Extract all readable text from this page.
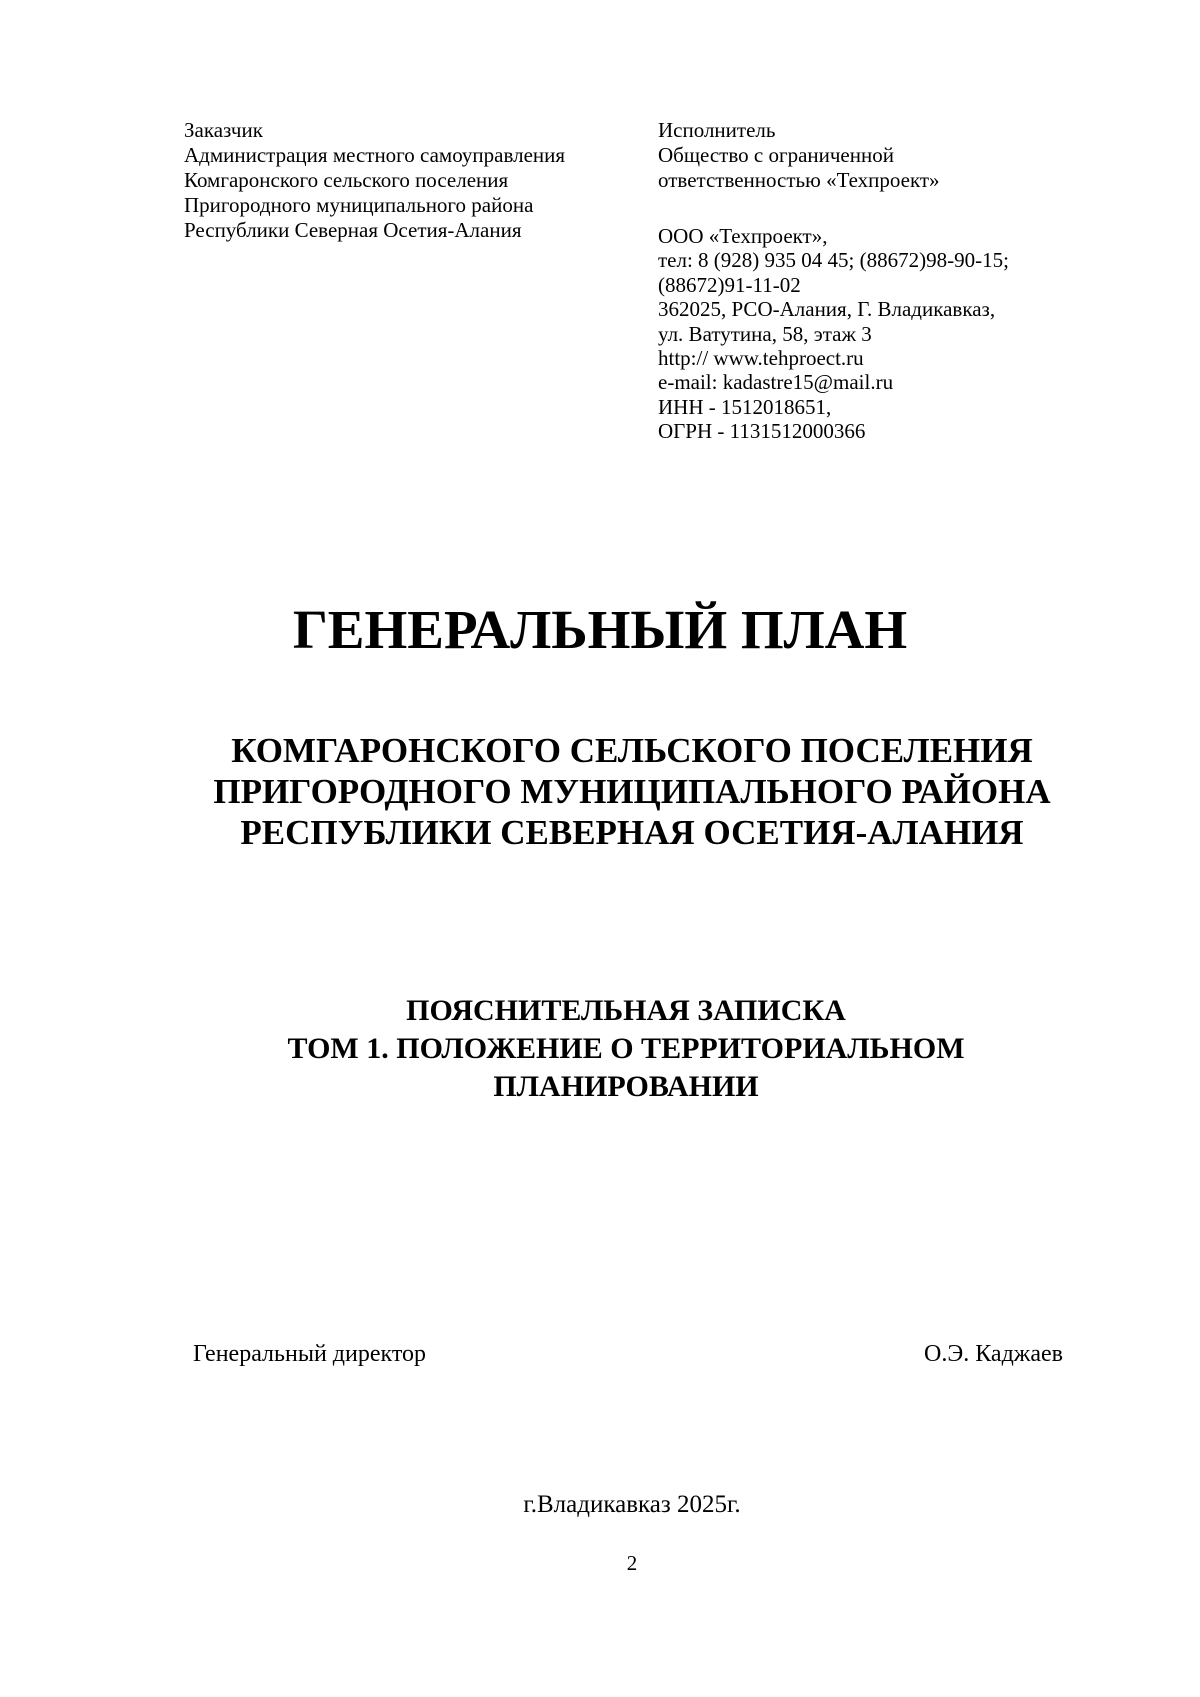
Заказчик
Администрация местного самоуправления
Комгаронского сельского поселения
Пригородного муниципального района
Республики Северная Осетия-Алания
Исполнитель
Общество с ограниченной
ответственностью «Техпроект»
ООО «Техпроект»,
тел: 8 (928) 935 04 45; (88672)98-90-15;
(88672)91-11-02
362025, РСО-Алания, Г. Владикавказ,
ул. Ватутина, 58, этаж 3
http:// www.tehproect.ru
e-mail: kadastre15@mail.ru
ИНН - 1512018651,
ОГРН - 1131512000366
ГЕНЕРАЛЬНЫЙ ПЛАН
КОМГАРОНСКОГО СЕЛЬСКОГО ПОСЕЛЕНИЯ
ПРИГОРОДНОГО МУНИЦИПАЛЬНОГО РАЙОНА
РЕСПУБЛИКИ СЕВЕРНАЯ ОСЕТИЯ-АЛАНИЯ
ПОЯСНИТЕЛЬНАЯ ЗАПИСКА
ТОМ 1. ПОЛОЖЕНИЕ О ТЕРРИТОРИАЛЬНОМ
ПЛАНИРОВАНИИ
Генеральный директор	О.Э. Каджаев
г.Владикавказ 2025г.
2
